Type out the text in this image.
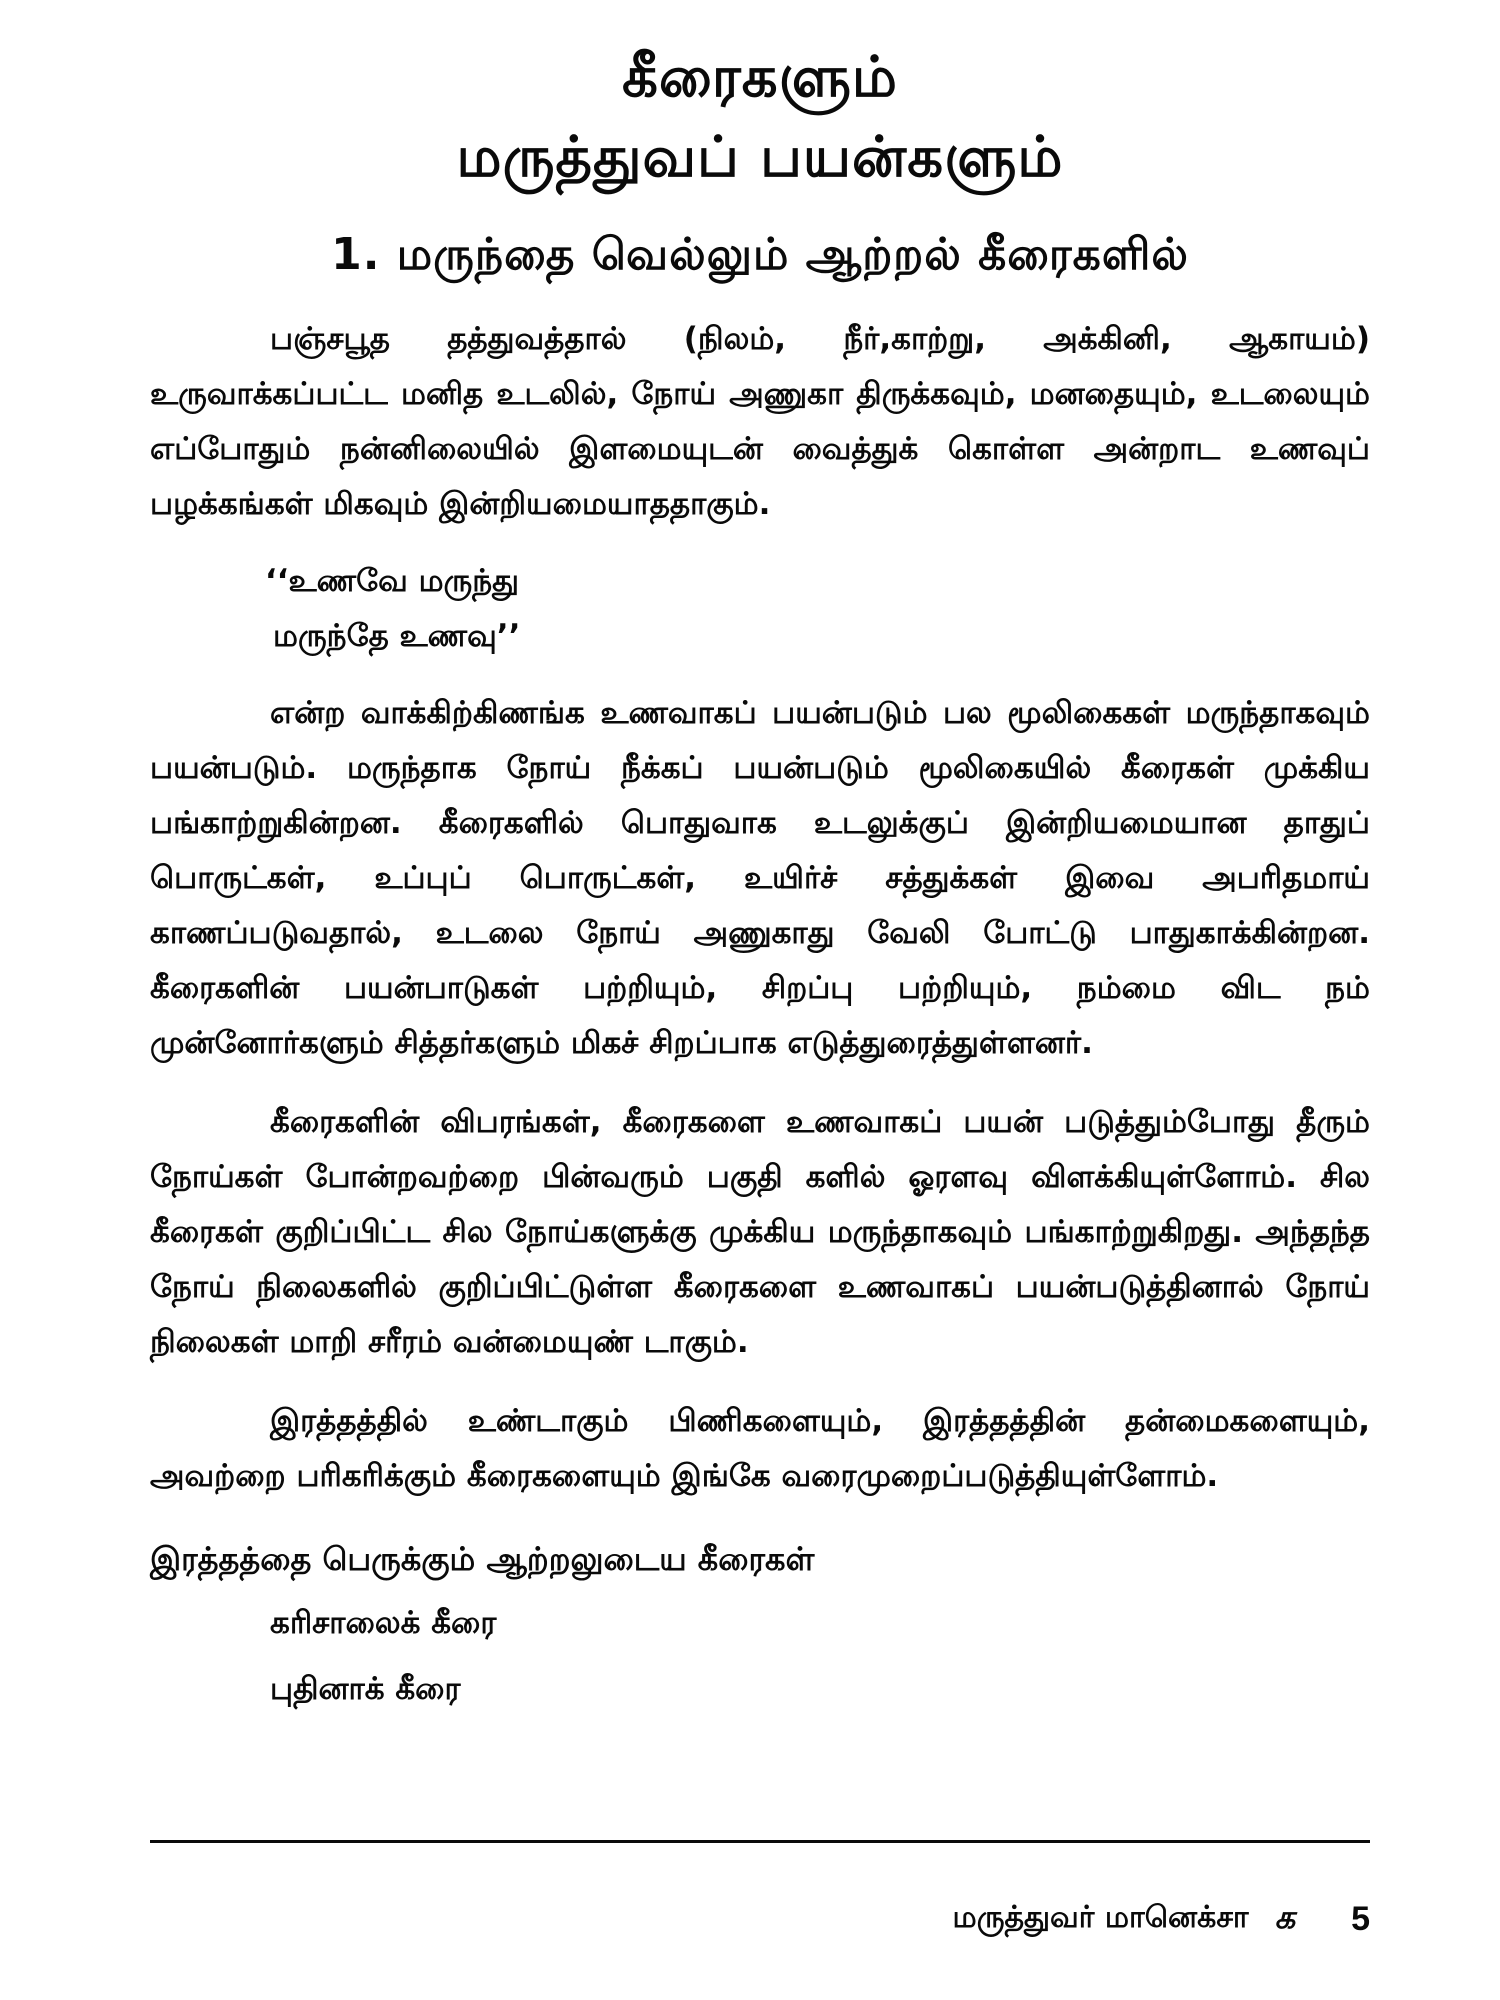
கீரைகளும்
மருத்துவப் பயன்களும்
1. மருந்தை வெல்லும் ஆற்றல் கீரைகளில்

பஞ்சபூத தத்துவத்தால் (நிலம், நீர்,காற்று, அக்கினி, ஆகாயம்) உருவாக்கப்பட்ட மனித உடலில், நோய் அணுகா திருக்கவும், மனதையும், உடலையும் எப்போதும் நன்னிலையில் இளமையுடன் வைத்துக் கொள்ள அன்றாட உணவுப் பழக்கங்கள் மிகவும் இன்றியமையாததாகும்.

‘‘உணவே மருந்து
மருந்தே உணவு’’

என்ற வாக்கிற்கிணங்க உணவாகப் பயன்படும் பல மூலிகைகள் மருந்தாகவும் பயன்படும். மருந்தாக நோய் நீக்கப் பயன்படும் மூலிகையில் கீரைகள் முக்கிய பங்காற்றுகின்றன. கீரைகளில் பொதுவாக உடலுக்குப் இன்றியமையான தாதுப் பொருட்கள், உப்புப் பொருட்கள், உயிர்ச் சத்துக்கள் இவை அபரிதமாய் காணப்படுவதால், உடலை நோய் அணுகாது வேலி போட்டு பாதுகாக்கின்றன. கீரைகளின் பயன்பாடுகள் பற்றியும், சிறப்பு பற்றியும், நம்மை விட நம் முன்னோர்களும் சித்தர்களும் மிகச் சிறப்பாக எடுத்துரைத்துள்ளனர்.

கீரைகளின் விபரங்கள், கீரைகளை உணவாகப் பயன் படுத்தும்போது தீரும் நோய்கள் போன்றவற்றை பின்வரும் பகுதி களில் ஓரளவு விளக்கியுள்ளோம். சில கீரைகள் குறிப்பிட்ட சில நோய்களுக்கு முக்கிய மருந்தாகவும் பங்காற்றுகிறது. அந்தந்த நோய் நிலைகளில் குறிப்பிட்டுள்ள கீரைகளை உணவாகப் பயன்படுத்தினால் நோய் நிலைகள் மாறி சரீரம் வன்மையுண் டாகும்.

இரத்தத்தில் உண்டாகும் பிணிகளையும், இரத்தத்தின் தன்மைகளையும், அவற்றை பரிகரிக்கும் கீரைகளையும் இங்கே வரைமுறைப்படுத்தியுள்ளோம்.

இரத்தத்தை பெருக்கும் ஆற்றலுடைய கீரைகள்
கரிசாலைக் கீரை
புதினாக் கீரை
மருத்துவர் மானெக்சா க 5
